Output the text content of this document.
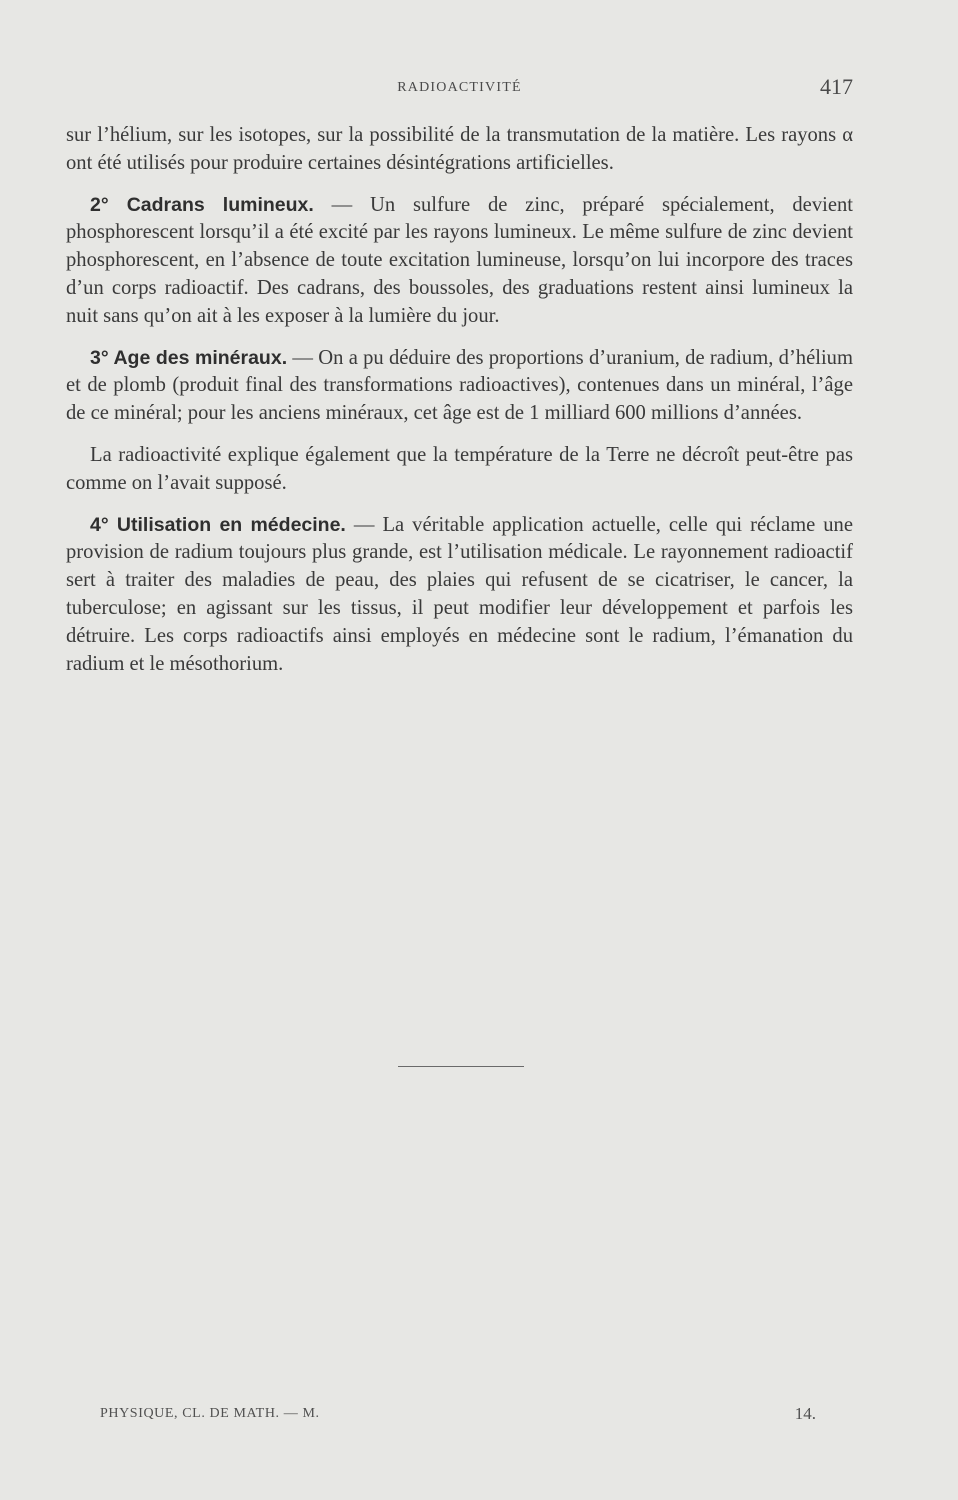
RADIOACTIVITÉ	417

sur l’hélium, sur les isotopes, sur la possibilité de la transmutation de la matière. Les rayons α ont été utilisés pour produire certaines désintégrations artificielles.

2° Cadrans lumineux. — Un sulfure de zinc, préparé spécialement, devient phosphorescent lorsqu’il a été excité par les rayons lumineux. Le même sulfure de zinc devient phosphorescent, en l’absence de toute excitation lumineuse, lorsqu’on lui incorpore des traces d’un corps radioactif. Des cadrans, des boussoles, des graduations restent ainsi lumineux la nuit sans qu’on ait à les exposer à la lumière du jour.

3° Age des minéraux. — On a pu déduire des proportions d’uranium, de radium, d’hélium et de plomb (produit final des transformations radioactives), contenues dans un minéral, l’âge de ce minéral; pour les anciens minéraux, cet âge est de 1 milliard 600 millions d’années.

La radioactivité explique également que la température de la Terre ne décroît peut-être pas comme on l’avait supposé.

4° Utilisation en médecine. — La véritable application actuelle, celle qui réclame une provision de radium toujours plus grande, est l’utilisation médicale. Le rayonnement radioactif sert à traiter des maladies de peau, des plaies qui refusent de se cicatriser, le cancer, la tuberculose; en agissant sur les tissus, il peut modifier leur développement et parfois les détruire. Les corps radioactifs ainsi employés en médecine sont le radium, l’émanation du radium et le mésothorium.

PHYSIQUE, CL. DE MATH. — M.	14.
